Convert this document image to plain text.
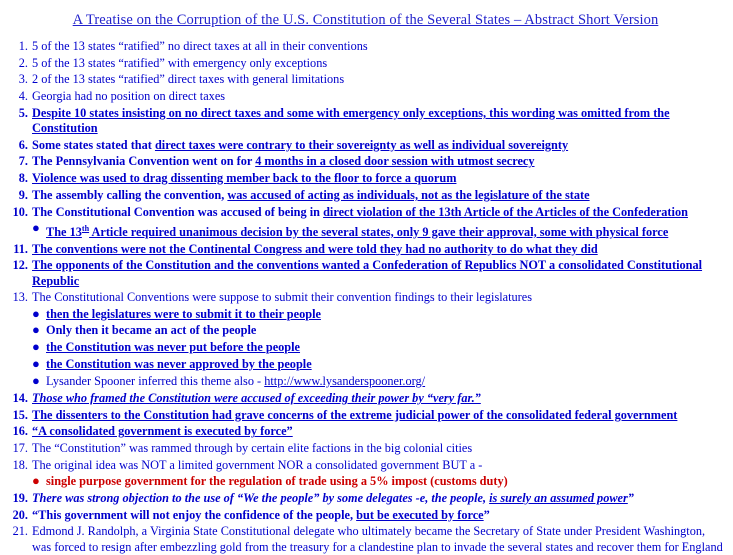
A Treatise on the Corruption of the U.S. Constitution of the Several States – Abstract Short Version
1. 5 of the 13 states “ratified” no direct taxes at all in their conventions
2. 5 of the 13 states “ratified” with emergency only exceptions
3. 2 of the 13 states “ratified” direct taxes with general limitations
4. Georgia had no position on direct taxes
5. Despite 10 states insisting on no direct taxes and some with emergency only exceptions, this wording was omitted from the Constitution
6. Some states stated that direct taxes were contrary to their sovereignty as well as individual sovereignty
7. The Pennsylvania Convention went on for 4 months in a closed door session with utmost secrecy
8. Violence was used to drag dissenting member back to the floor to force a quorum
9. The assembly calling the convention, was accused of acting as individuals, not as the legislature of the state
10. The Constitutional Convention was accused of being in direct violation of the 13th Article of the Articles of the Confederation
● The 13th Article required unanimous decision by the several states, only 9 gave their approval, some with physical force
11. The conventions were not the Continental Congress and were told they had no authority to do what they did
12. The opponents of the Constitution and the conventions wanted a Confederation of Republics NOT a consolidated Constitutional Republic
13. The Constitutional Conventions were suppose to submit their convention findings to their legislatures
● then the legislatures were to submit it to their people
● Only then it became an act of the people
● the Constitution was never put before the people
● the Constitution was never approved by the people
● Lysander Spooner inferred this theme also - http://www.lysanderspooner.org/
14. Those who framed the Constitution were accused of exceeding their power by “very far.”
15. The dissenters to the Constitution had grave concerns of the extreme judicial power of the consolidated federal government
16. “A consolidated government is executed by force”
17. The “Constitution” was rammed through by certain elite factions in the big colonial cities
18. The original idea was NOT a limited government NOR a consolidated government BUT a -
● single purpose government for the regulation of trade using a 5% impost (customs duty)
19. There was strong objection to the use of “We the people” by some delegates -e, the people, is surely an assumed power”
20. “This government will not enjoy the confidence of the people, but be executed by force”
21. Edmond J. Randolph, a Virginia State Constitutional delegate who ultimately became the Secretary of State under President Washington, was forced to resign after embezzling gold from the treasury for a clandestine plan to invade the several states and recover them for England
